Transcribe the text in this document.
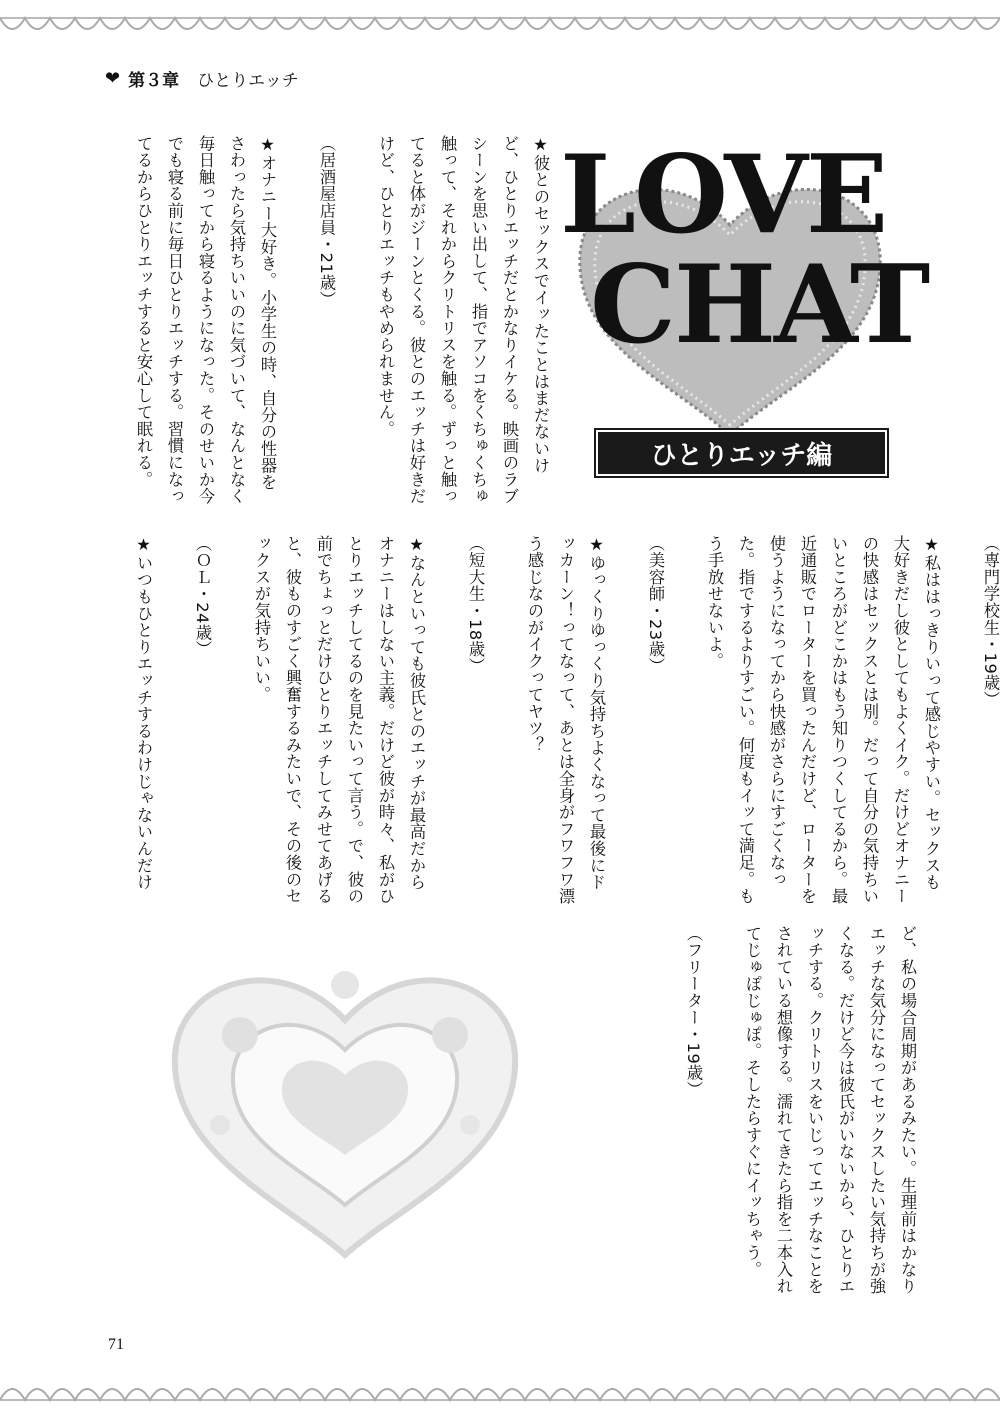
❤ 第３章 ひとりエッチ
LOVE
CHAT
ひとりエッチ編

★彼とのセックスでイッたことはまだないけど、ひとりエッチだとかなりイケる。映画のラブシーンを思い出して、指でアソコをくちゅくちゅ触って、それからクリトリスを触る。ずっと触ってると体がジーンとくる。彼とのエッチは好きだけど、ひとりエッチもやめられません。

（居酒屋店員・21歳）

★オナニー大好き。小学生の時、自分の性器をさわったら気持ちいいのに気づいて、なんとなく毎日触ってから寝るようになった。そのせいか今でも寝る前に毎日ひとりエッチする。習慣になってるからひとりエッチすると安心して眠れる。

（専門学校生・19歳）

★私ははっきりいって感じやすい。セックスも大好きだし彼としてもよくイク。だけどオナニーの快感はセックスとは別。だって自分の気持ちいいところがどこかはもう知りつくしてるから。最近通販でローターを買ったんだけど、ローターを使うようになってから快感がさらにすごくなった。指でするよりすごい。何度もイッて満足。もう手放せないよ。

（美容師・23歳）

★ゆっくりゆっくり気持ちよくなって最後にドッカーン！ってなって、あとは全身がフワフワ漂う感じなのがイクってヤツ？

（短大生・18歳）

★なんといっても彼氏とのエッチが最高だからオナニーはしない主義。だけど彼が時々、私がひとりエッチしてるのを見たいって言う。で、彼の前でちょっとだけひとりエッチしてみせてあげると、彼ものすごく興奮するみたいで、その後のセックスが気持ちいい。

（ＯＬ・24歳）

★いつもひとりエッチするわけじゃないんだけ

ど、私の場合周期があるみたい。生理前はかなりエッチな気分になってセックスしたい気持ちが強くなる。だけど今は彼氏がいないから、ひとりエッチする。クリトリスをいじってエッチなことをされている想像する。濡れてきたら指を二本入れてじゅぽじゅぽ。そしたらすぐにイッちゃう。

（フリーター・19歳）

71
